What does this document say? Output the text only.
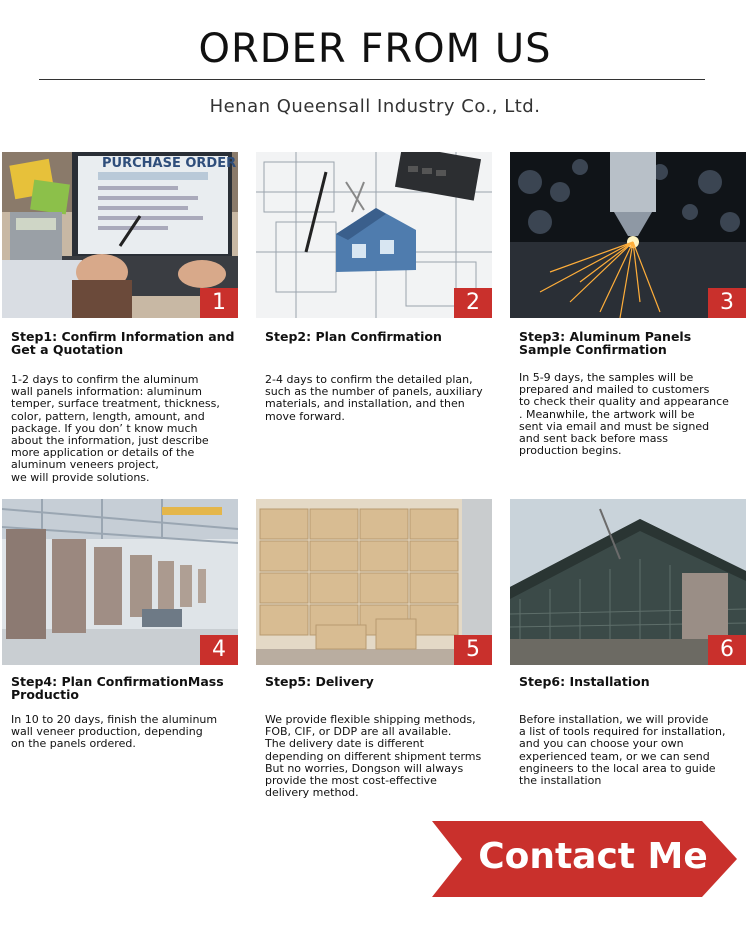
ORDER FROM US
Henan Queensall Industry Co., Ltd.
PURCHASE ORDER
1
Step1: Confirm Information and Get a Quotation
1-2 days to confirm the aluminum
wall panels information: aluminum
temper, surface treatment, thickness,
color, pattern, length, amount, and
package. If you don’ t know much
about the information, just describe
more application or details of the
aluminum veneers project,
we will provide solutions.
2
Step2: Plan Confirmation
2-4 days to confirm the detailed plan,
such as the number of panels, auxiliary
materials, and installation, and then
move forward.
3
Step3: Aluminum Panels Sample Confirmation
In 5-9 days, the samples will be
prepared and mailed to customers
to check their quality and appearance
. Meanwhile, the artwork will be
sent via email and must be signed
and sent back before mass
production begins.
4
Step4: Plan ConfirmationMass Productio
In 10 to 20 days, finish the aluminum
wall veneer production, depending
on the panels ordered.
5
Step5: Delivery
We provide flexible shipping methods,
FOB, CIF, or DDP are all available.
The delivery date is different
depending on different shipment terms
But no worries, Dongson will always
provide the most cost-effective
delivery method.
6
Step6: Installation
Before installation, we will provide
a list of tools required for installation,
and you can choose your own
experienced team, or we can send
engineers to the local area to guide
the installation
Contact Me
